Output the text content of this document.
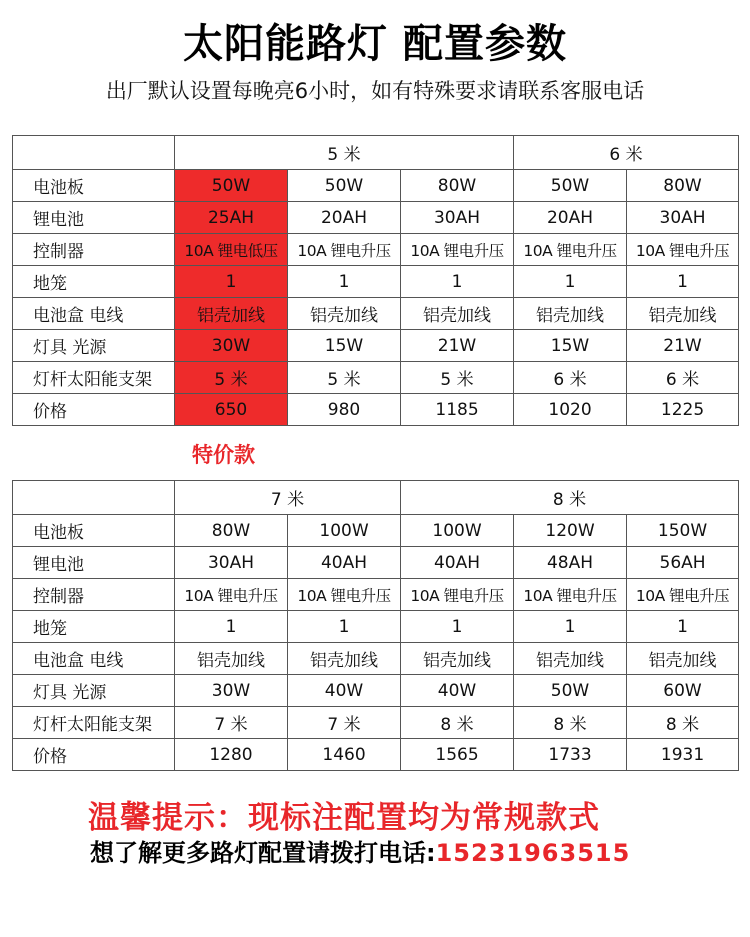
太阳能路灯 配置参数
出厂默认设置每晚亮6小时，如有特殊要求请联系客服电话
	5 米			6 米	
电池板	50W	50W	80W	50W	80W
锂电池	25AH	20AH	30AH	20AH	30AH
控制器	10A 锂电低压	10A 锂电升压	10A 锂电升压	10A 锂电升压	10A 锂电升压
地笼	1	1	1	1	1
电池盒 电线	铝壳加线	铝壳加线	铝壳加线	铝壳加线	铝壳加线
灯具 光源	30W	15W	21W	15W	21W
灯杆太阳能支架	5 米	5 米	5 米	6 米	6 米
价格	650	980	1185	1020	1225
特价款
	7 米		8 米		
电池板	80W	100W	100W	120W	150W
锂电池	30AH	40AH	40AH	48AH	56AH
控制器	10A 锂电升压	10A 锂电升压	10A 锂电升压	10A 锂电升压	10A 锂电升压
地笼	1	1	1	1	1
电池盒 电线	铝壳加线	铝壳加线	铝壳加线	铝壳加线	铝壳加线
灯具 光源	30W	40W	40W	50W	60W
灯杆太阳能支架	7 米	7 米	8 米	8 米	8 米
价格	1280	1460	1565	1733	1931
温馨提示：现标注配置均为常规款式
想了解更多路灯配置请拨打电话:15231963515
